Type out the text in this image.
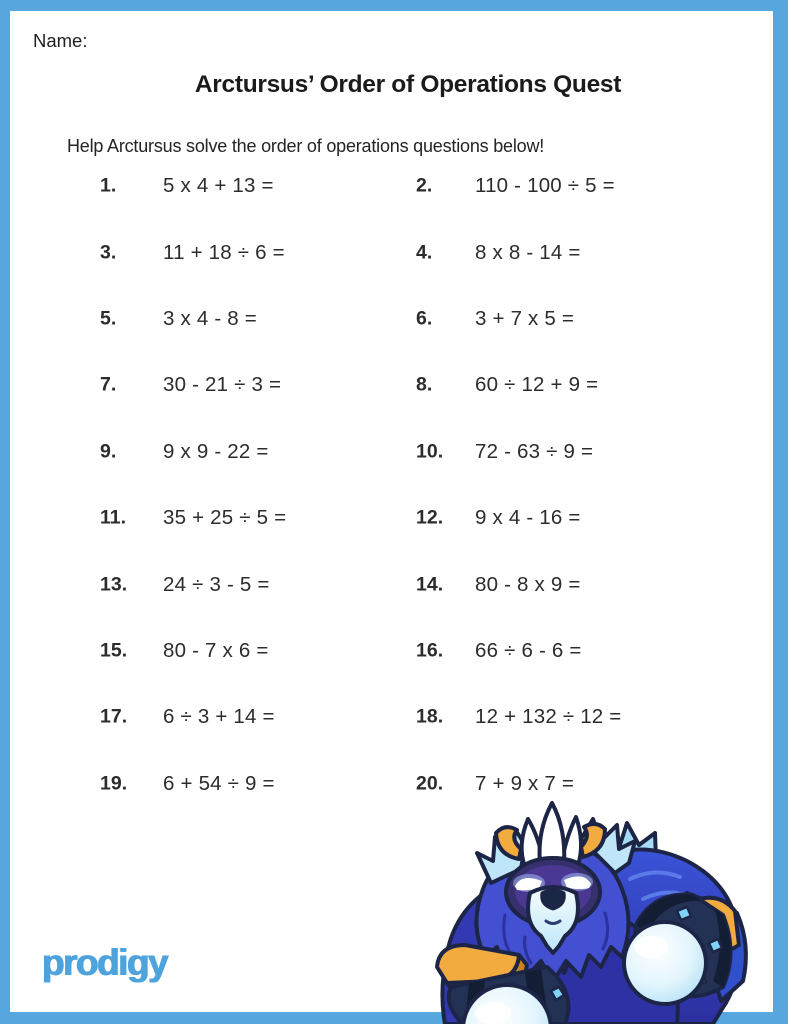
Name:
Arctursus’ Order of Operations Quest

Help Arctursus solve the order of operations questions below!

1. 5 x 4 + 13 =	2. 110 - 100 ÷ 5 =
3. 11 + 18 ÷ 6 =	4. 8 x 8 - 14 =
5. 3 x 4 - 8 =	6. 3 + 7 x 5 =
7. 30 - 21 ÷ 3 =	8. 60 ÷ 12 + 9 =
9. 9 x 9 - 22 =	10. 72 - 63 ÷ 9 =
11. 35 + 25 ÷ 5 =	12. 9 x 4 - 16 =
13. 24 ÷ 3 - 5 =	14. 80 - 8 x 9 =
15. 80 - 7 x 6 =	16. 66 ÷ 6 - 6 =
17. 6 ÷ 3 + 14 =	18. 12 + 132 ÷ 12 =
19. 6 + 54 ÷ 9 =	20. 7 + 9 x 7 =
prodigy
